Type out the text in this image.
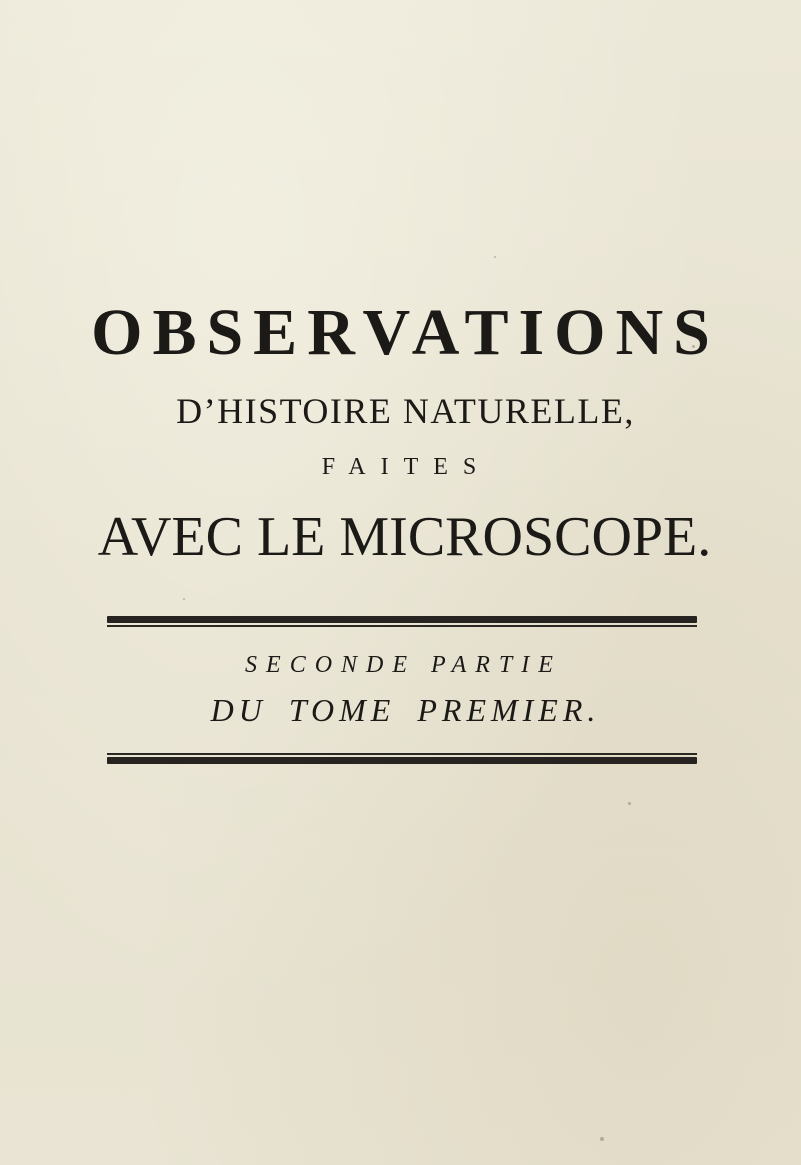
OBSERVATIONS
D’HISTOIRE NATURELLE,
FAITES
AVEC LE MICROSCOPE.
SECONDE PARTIE
DU TOME PREMIER.
